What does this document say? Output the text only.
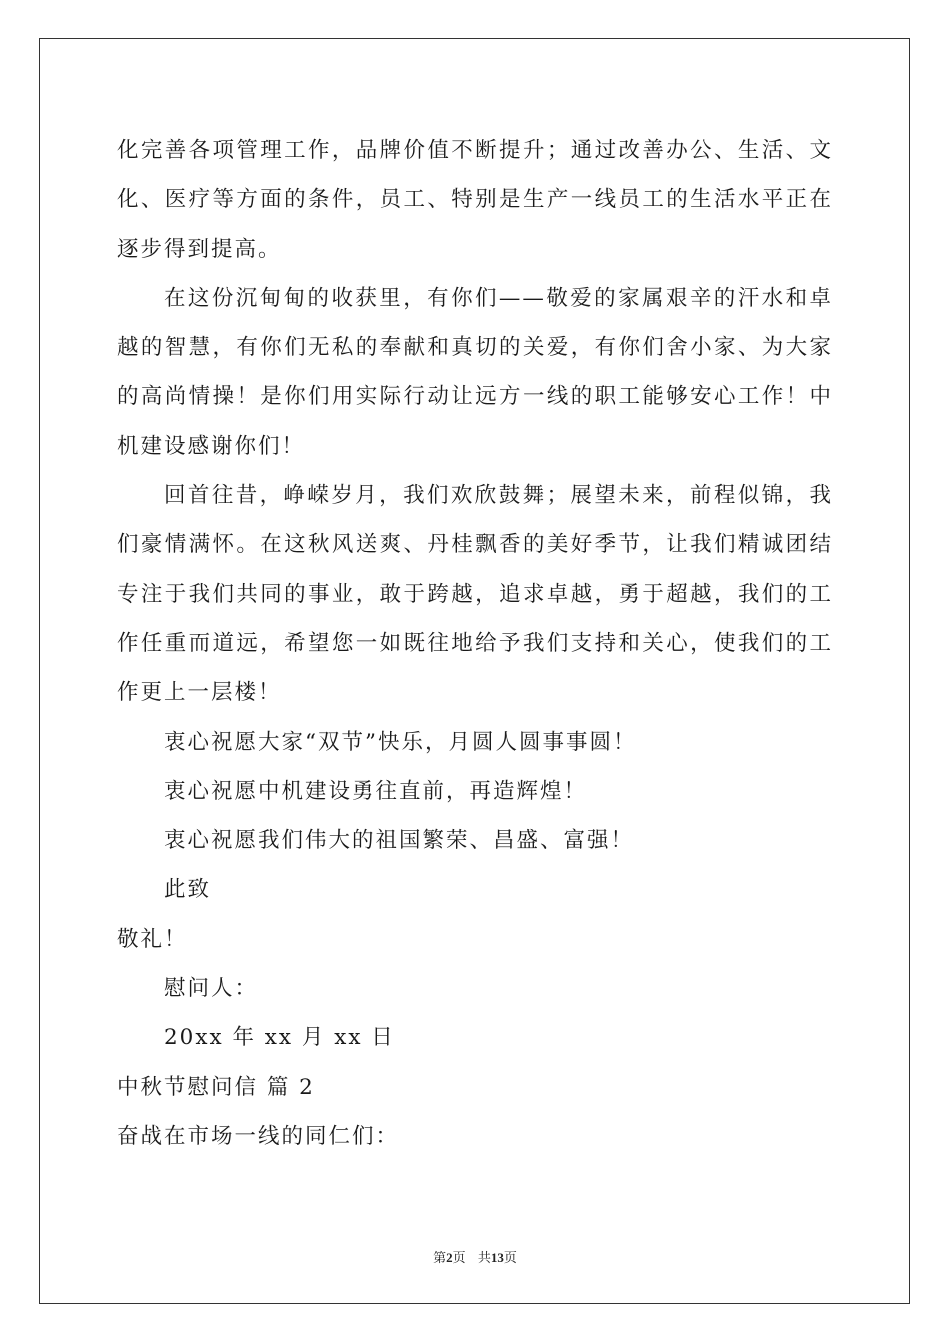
化完善各项管理工作，品牌价值不断提升；通过改善办公、生活、文化、医疗等方面的条件，员工、特别是生产一线员工的生活水平正在逐步得到提高。

在这份沉甸甸的收获里，有你们——敬爱的家属艰辛的汗水和卓越的智慧，有你们无私的奉献和真切的关爱，有你们舍小家、为大家的高尚情操！是你们用实际行动让远方一线的职工能够安心工作！中机建设感谢你们！

回首往昔，峥嵘岁月，我们欢欣鼓舞；展望未来，前程似锦，我们豪情满怀。在这秋风送爽、丹桂飘香的美好季节，让我们精诚团结专注于我们共同的事业，敢于跨越，追求卓越，勇于超越，我们的工作任重而道远，希望您一如既往地给予我们支持和关心，使我们的工作更上一层楼！

衷心祝愿大家“双节”快乐，月圆人圆事事圆！

衷心祝愿中机建设勇往直前，再造辉煌！

衷心祝愿我们伟大的祖国繁荣、昌盛、富强！

此致

敬礼！

慰问人：

20xx 年 xx 月 xx 日

中秋节慰问信 篇 2

奋战在市场一线的同仁们：

第2页 共13页
